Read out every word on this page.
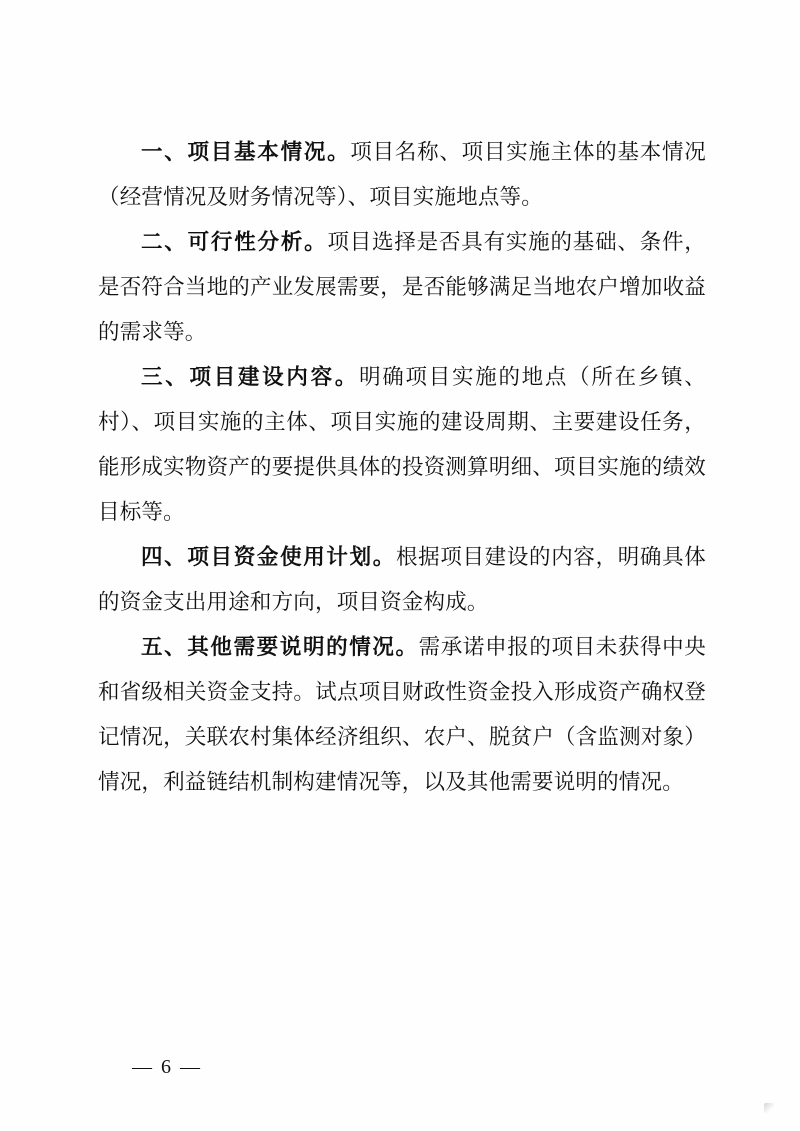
一、项目基本情况。项目名称、项目实施主体的基本情况（经营情况及财务情况等）、项目实施地点等。

二、可行性分析。项目选择是否具有实施的基础、条件，是否符合当地的产业发展需要，是否能够满足当地农户增加收益的需求等。

三、项目建设内容。明确项目实施的地点（所在乡镇、村）、项目实施的主体、项目实施的建设周期、主要建设任务，能形成实物资产的要提供具体的投资测算明细、项目实施的绩效目标等。

四、项目资金使用计划。根据项目建设的内容，明确具体的资金支出用途和方向，项目资金构成。

五、其他需要说明的情况。需承诺申报的项目未获得中央和省级相关资金支持。试点项目财政性资金投入形成资产确权登记情况，关联农村集体经济组织、农户、脱贫户（含监测对象）情况，利益链结机制构建情况等，以及其他需要说明的情况。

— 6 —
